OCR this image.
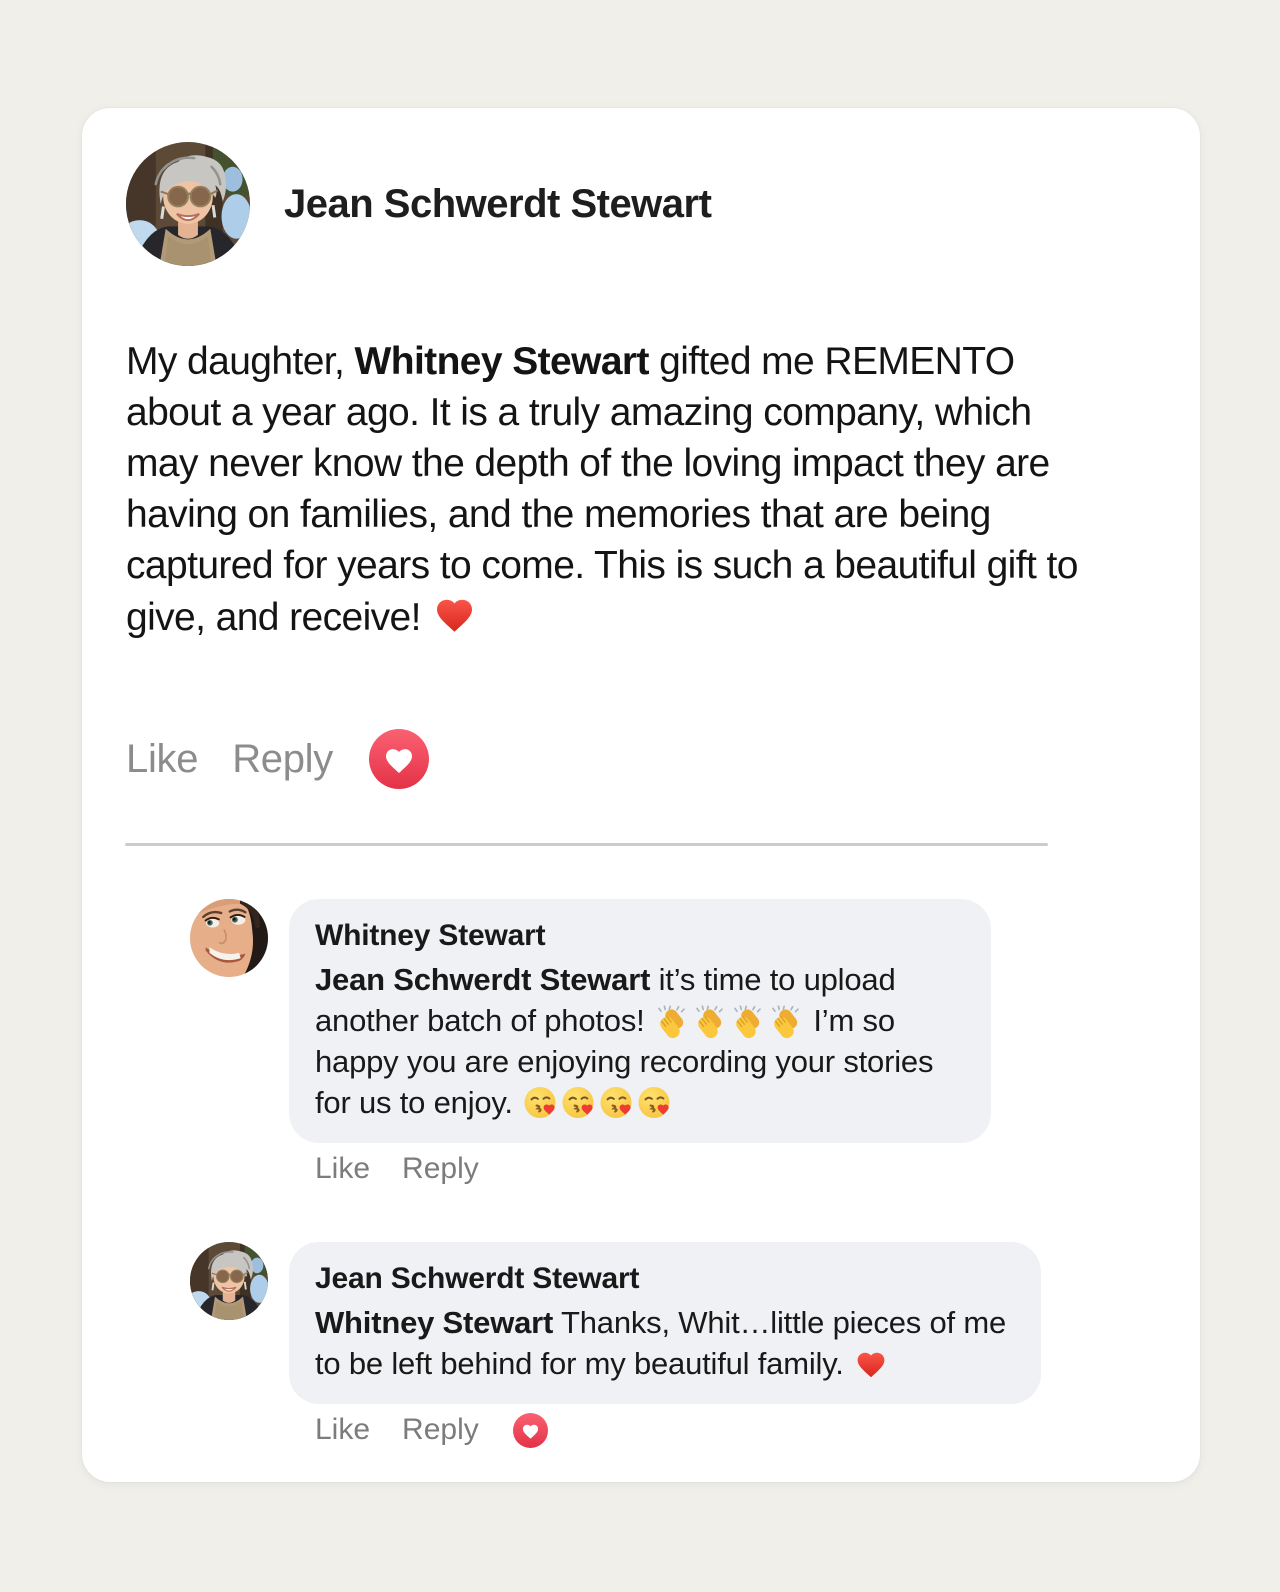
Jean Schwerdt Stewart
My daughter, Whitney Stewart gifted me REMENTO about a year ago. It is a truly amazing company, which may never know the depth of the loving impact they are having on families, and the memories that are being captured for years to come. This is such a beautiful gift to give, and receive!
Like Reply
Whitney Stewart
Jean Schwerdt Stewart it’s time to upload another batch of photos!	I’m so happy you are enjoying recording your stories for us to enjoy.
Like Reply
Jean Schwerdt Stewart
Whitney Stewart Thanks, Whit…little pieces of me to be left behind for my beautiful family.
Like Reply
